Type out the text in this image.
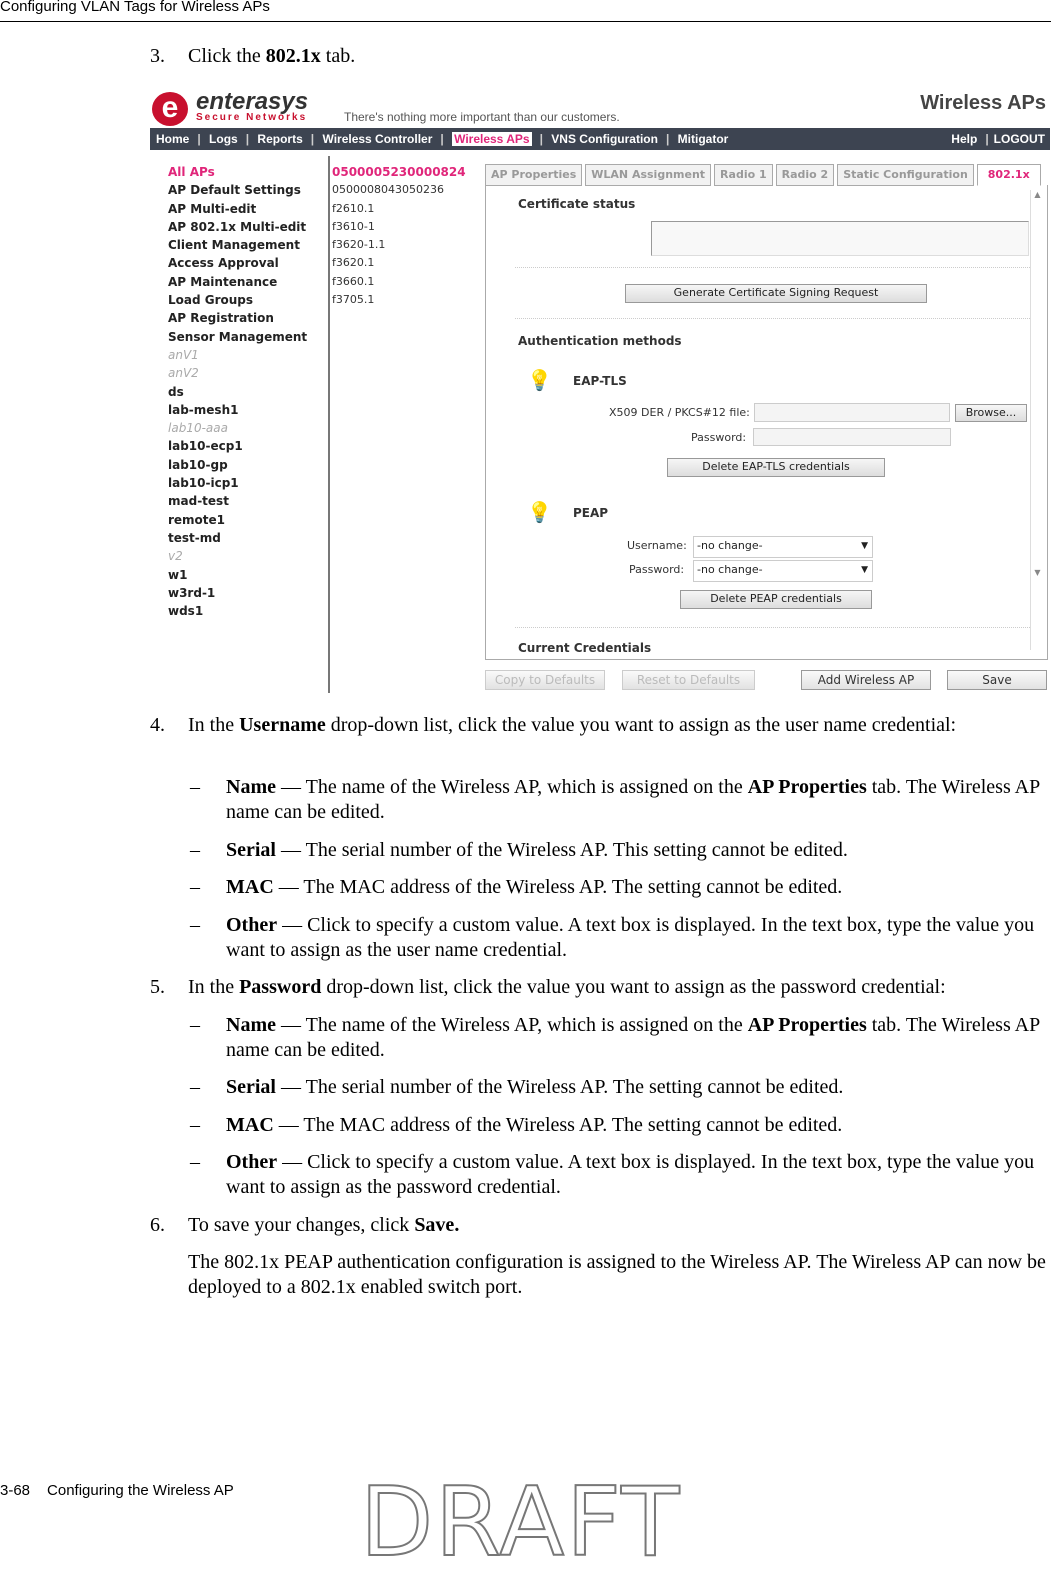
Configuring VLAN Tags for Wireless APs
3. Click the 802.1x tab.
e enterasys
Secure Networks	There's nothing more important than our customers.
Wireless APs
Home | Logs | Reports | Wireless Controller | Wireless APs | VNS Configuration | Mitigator	Help | LOGOUT
All APs
AP Default Settings
AP Multi-edit
AP 802.1x Multi-edit
Client Management
Access Approval
AP Maintenance
Load Groups
AP Registration
Sensor Management
anV1
anV2
ds
lab-mesh1
lab10-aaa
lab10-ecp1
lab10-gp
lab10-icp1
mad-test
remote1
test-md
v2
w1
w3rd-1
wds1
0500005230000824
0500008043050236
f2610.1
f3610-1
f3620-1.1
f3620.1
f3660.1
f3705.1
AP Properties	WLAN Assignment	Radio 1	Radio 2	Static Configuration	802.1x
Certificate status
Generate Certificate Signing Request
Authentication methods
💡 EAP-TLS
X509 DER / PKCS#12 file:	Browse...
Password:
Delete EAP-TLS credentials
💡 PEAP
Username: -no change-	▼
Password:	-no change-	▼
Delete PEAP credentials
Current Credentials
▲

▼
Copy to Defaults	Reset to Defaults	Add Wireless AP	Save
4. In the Username drop-down list, click the value you want to assign as the user name credential:
– Name — The name of the Wireless AP, which is assigned on the AP Properties tab. The Wireless AP name can be edited.
– Serial — The serial number of the Wireless AP. This setting cannot be edited.
– MAC — The MAC address of the Wireless AP. The setting cannot be edited.
– Other — Click to specify a custom value. A text box is displayed. In the text box, type the value you want to assign as the user name credential.
5. In the Password drop-down list, click the value you want to assign as the password credential:
– Name — The name of the Wireless AP, which is assigned on the AP Properties tab. The Wireless AP name can be edited.
– Serial — The serial number of the Wireless AP. The setting cannot be edited.
– MAC — The MAC address of the Wireless AP. The setting cannot be edited.
– Other — Click to specify a custom value. A text box is displayed. In the text box, type the value you want to assign as the password credential.
6. To save your changes, click Save.
The 802.1x PEAP authentication configuration is assigned to the Wireless AP. The Wireless AP can now be deployed to a 802.1x enabled switch port.
3-68 Configuring the Wireless AP DRAFT
